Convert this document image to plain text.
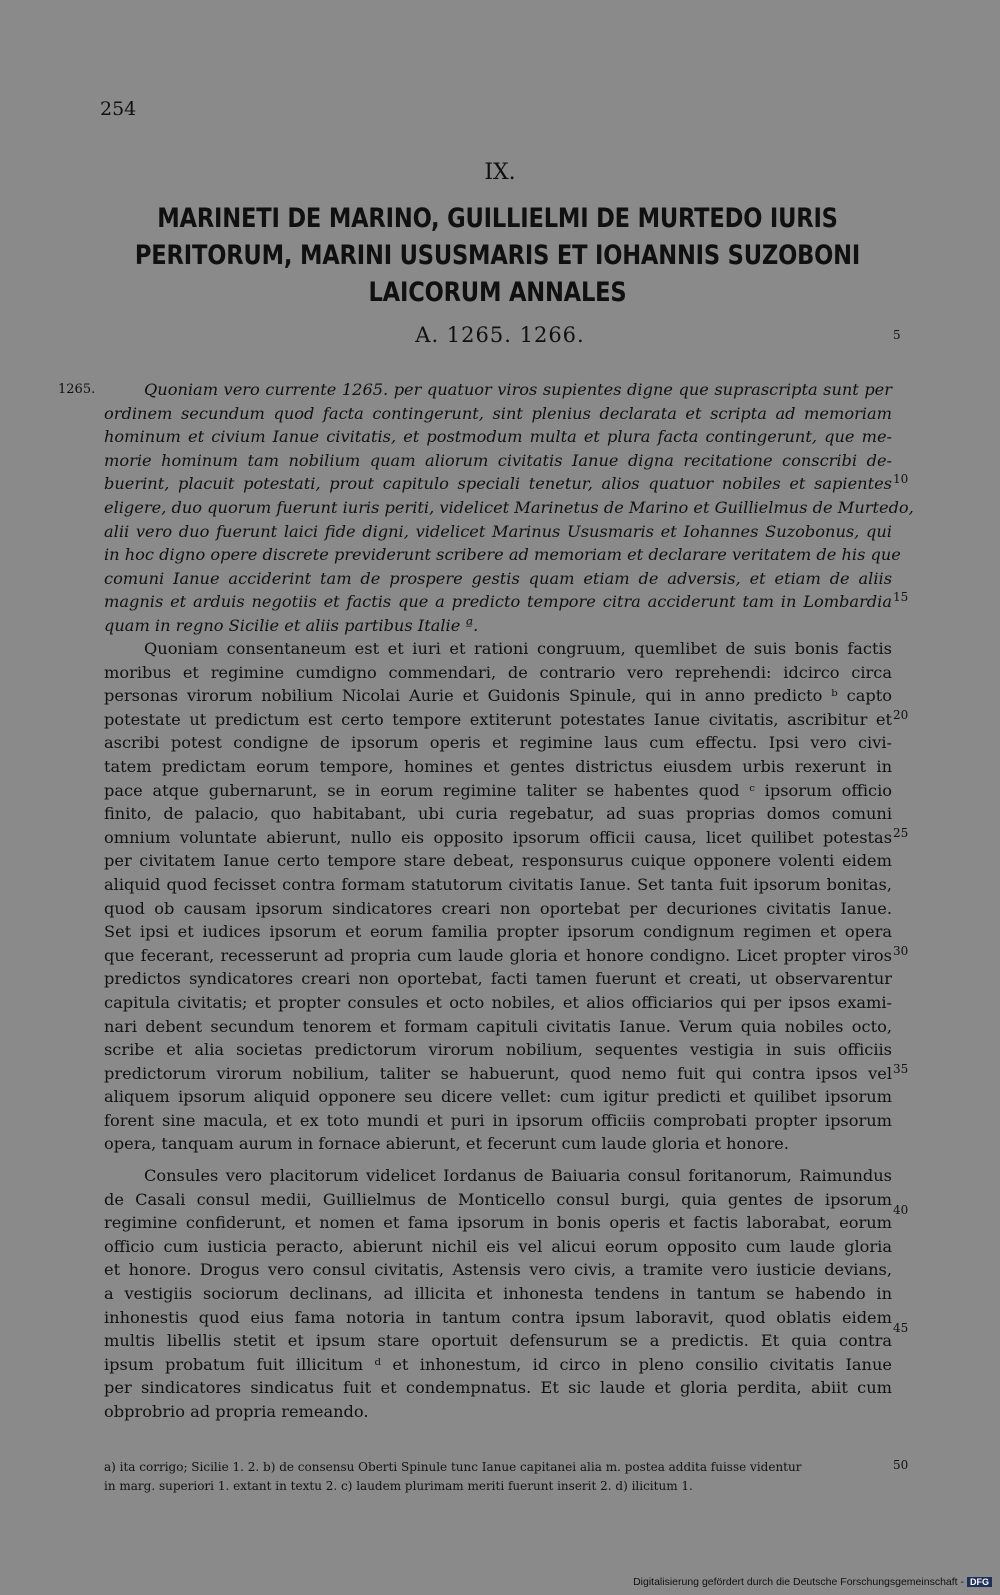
254
IX.
MARINETI DE MARINO, GUILLIELMI DE MURTEDO IURIS
PERITORUM, MARINI USUSMARIS ET IOHANNIS SUZOBONI
LAICORUM ANNALES
A. 1265. 1266.
1265.
5
10
15
20
25
30
35
40
45
50
Quoniam vero currente 1265. per quatuor viros supientes digne que suprascripta sunt per
ordinem secundum quod facta contingerunt, sint plenius declarata et scripta ad memoriam
hominum et civium Ianue civitatis, et postmodum multa et plura facta contingerunt, que me-
morie hominum tam nobilium quam aliorum civitatis Ianue digna recitatione conscribi de-
buerint, placuit potestati, prout capitulo speciali tenetur, alios quatuor nobiles et sapientes
eligere, duo quorum fuerunt iuris periti, videlicet Marinetus de Marino et Guillielmus de Murtedo,
alii vero duo fuerunt laici fide digni, videlicet Marinus Ususmaris et Iohannes Suzobonus, qui
in hoc digno opere discrete previderunt scribere ad memoriam et declarare veritatem de his que
comuni Ianue acciderint tam de prospere gestis quam etiam de adversis, et etiam de aliis
magnis et arduis negotiis et factis que a predicto tempore citra acciderunt tam in Lombardia
quam in regno Sicilie et aliis partibus Italie ª.
Quoniam consentaneum est et iuri et rationi congruum, quemlibet de suis bonis factis
moribus et regimine cumdigno commendari, de contrario vero reprehendi: idcirco circa
personas virorum nobilium Nicolai Aurie et Guidonis Spinule, qui in anno predicto ᵇ capto
potestate ut predictum est certo tempore extiterunt potestates Ianue civitatis, ascribitur et
ascribi potest condigne de ipsorum operis et regimine laus cum effectu. Ipsi vero civi-
tatem predictam eorum tempore, homines et gentes districtus eiusdem urbis rexerunt in
pace atque gubernarunt, se in eorum regimine taliter se habentes quod ᶜ ipsorum officio
finito, de palacio, quo habitabant, ubi curia regebatur, ad suas proprias domos comuni
omnium voluntate abierunt, nullo eis opposito ipsorum officii causa, licet quilibet potestas
per civitatem Ianue certo tempore stare debeat, responsurus cuique opponere volenti eidem
aliquid quod fecisset contra formam statutorum civitatis Ianue. Set tanta fuit ipsorum bonitas,
quod ob causam ipsorum sindicatores creari non oportebat per decuriones civitatis Ianue.
Set ipsi et iudices ipsorum et eorum familia propter ipsorum condignum regimen et opera
que fecerant, recesserunt ad propria cum laude gloria et honore condigno. Licet propter viros
predictos syndicatores creari non oportebat, facti tamen fuerunt et creati, ut observarentur
capitula civitatis; et propter consules et octo nobiles, et alios officiarios qui per ipsos exami-
nari debent secundum tenorem et formam capituli civitatis Ianue. Verum quia nobiles octo,
scribe et alia societas predictorum virorum nobilium, sequentes vestigia in suis officiis
predictorum virorum nobilium, taliter se habuerunt, quod nemo fuit qui contra ipsos vel
aliquem ipsorum aliquid opponere seu dicere vellet: cum igitur predicti et quilibet ipsorum
forent sine macula, et ex toto mundi et puri in ipsorum officiis comprobati propter ipsorum
opera, tanquam aurum in fornace abierunt, et fecerunt cum laude gloria et honore.
Consules vero placitorum videlicet Iordanus de Baiuaria consul foritanorum, Raimundus
de Casali consul medii, Guillielmus de Monticello consul burgi, quia gentes de ipsorum
regimine confiderunt, et nomen et fama ipsorum in bonis operis et factis laborabat, eorum
officio cum iusticia peracto, abierunt nichil eis vel alicui eorum opposito cum laude gloria
et honore. Drogus vero consul civitatis, Astensis vero civis, a tramite vero iusticie devians,
a vestigiis sociorum declinans, ad illicita et inhonesta tendens in tantum se habendo in
inhonestis quod eius fama notoria in tantum contra ipsum laboravit, quod oblatis eidem
multis libellis stetit et ipsum stare oportuit defensurum se a predictis. Et quia contra
ipsum probatum fuit illicitum ᵈ et inhonestum, id circo in pleno consilio civitatis Ianue
per sindicatores sindicatus fuit et condempnatus. Et sic laude et gloria perdita, abiit cum
obprobrio ad propria remeando.
a) ita corrigo; Sicilie 1. 2. b) de consensu Oberti Spinule tunc Ianue capitanei alia m. postea addita fuisse videntur
in marg. superiori 1. extant in textu 2. c) laudem plurimam meriti fuerunt inserit 2. d) ilicitum 1.
Digitalisierung gefördert durch die Deutsche Forschungsgemeinschaft - DFG
